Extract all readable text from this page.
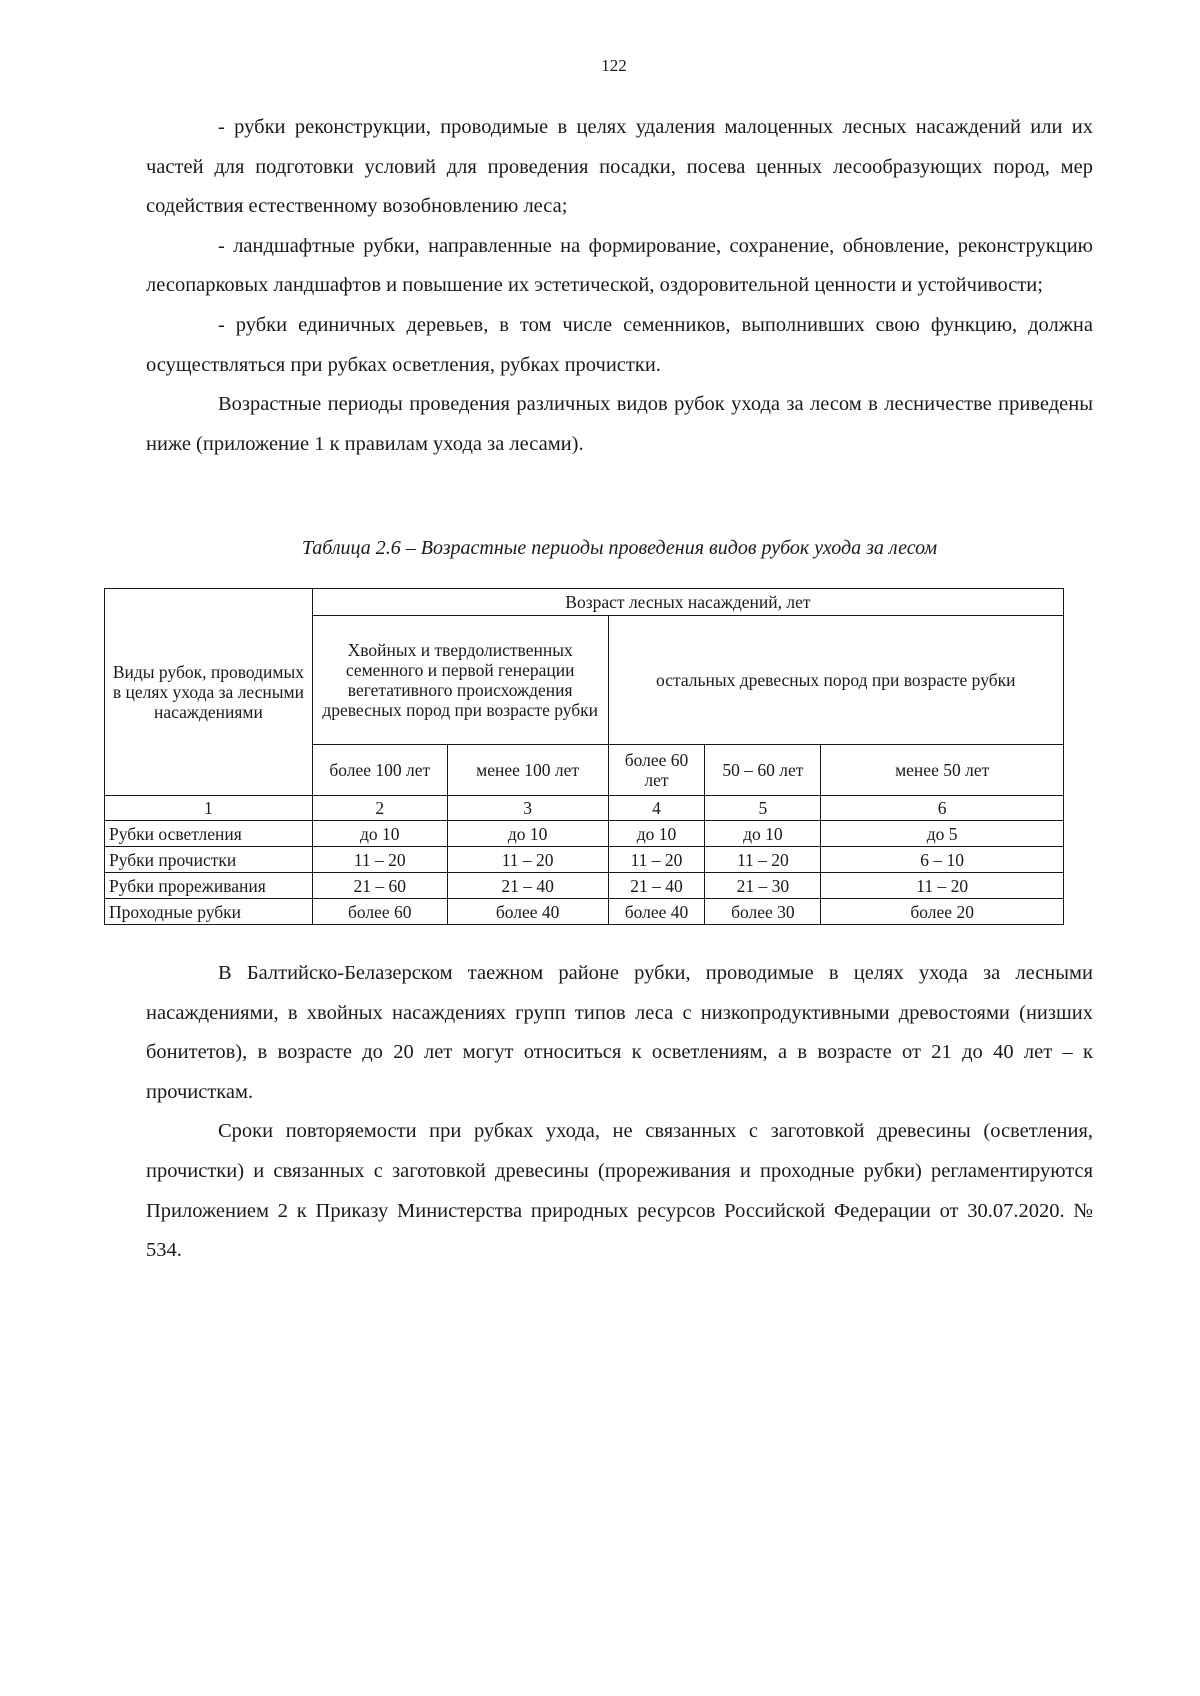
122

- рубки реконструкции, проводимые в целях удаления малоценных лесных насаждений или их частей для подготовки условий для проведения посадки, посева ценных лесообразующих пород, мер содействия естественному возобновлению леса;

- ландшафтные рубки, направленные на формирование, сохранение, обновление, реконструкцию лесопарковых ландшафтов и повышение их эстетической, оздоровительной ценности и устойчивости;

- рубки единичных деревьев, в том числе семенников, выполнивших свою функцию, должна осуществляться при рубках осветления, рубках прочистки.

Возрастные периоды проведения различных видов рубок ухода за лесом в лесничестве приведены ниже (приложение 1 к правилам ухода за лесами).

Таблица 2.6 – Возрастные периоды проведения видов рубок ухода за лесом
Виды рубок, проводимых в целях ухода за лесными насаждениями	Возраст лесных насаждений, лет				
	Хвойных и твердолиственных семенного и первой генерации вегетативного происхождения древесных пород при возрасте рубки		остальных древесных пород при возрасте рубки		
	более 100 лет	менее 100 лет	более 60 лет	50 – 60 лет	менее 50 лет
1	2	3	4	5	6
Рубки осветления	до 10	до 10	до 10	до 10	до 5
Рубки прочистки	11 – 20	11 – 20	11 – 20	11 – 20	6 – 10
Рубки прореживания	21 – 60	21 – 40	21 – 40	21 – 30	11 – 20
Проходные рубки	более 60	более 40	более 40	более 30	более 20

В Балтийско-Белазерском таежном районе рубки, проводимые в целях ухода за лесными насаждениями, в хвойных насаждениях групп типов леса с низкопродуктивными древостоями (низших бонитетов), в возрасте до 20 лет могут относиться к осветлениям, а в возрасте от 21 до 40 лет – к прочисткам.

Сроки повторяемости при рубках ухода, не связанных с заготовкой древесины (осветления, прочистки) и связанных с заготовкой древесины (прореживания и проходные рубки) регламентируются Приложением 2 к Приказу Министерства природных ресурсов Российской Федерации от 30.07.2020. № 534.
